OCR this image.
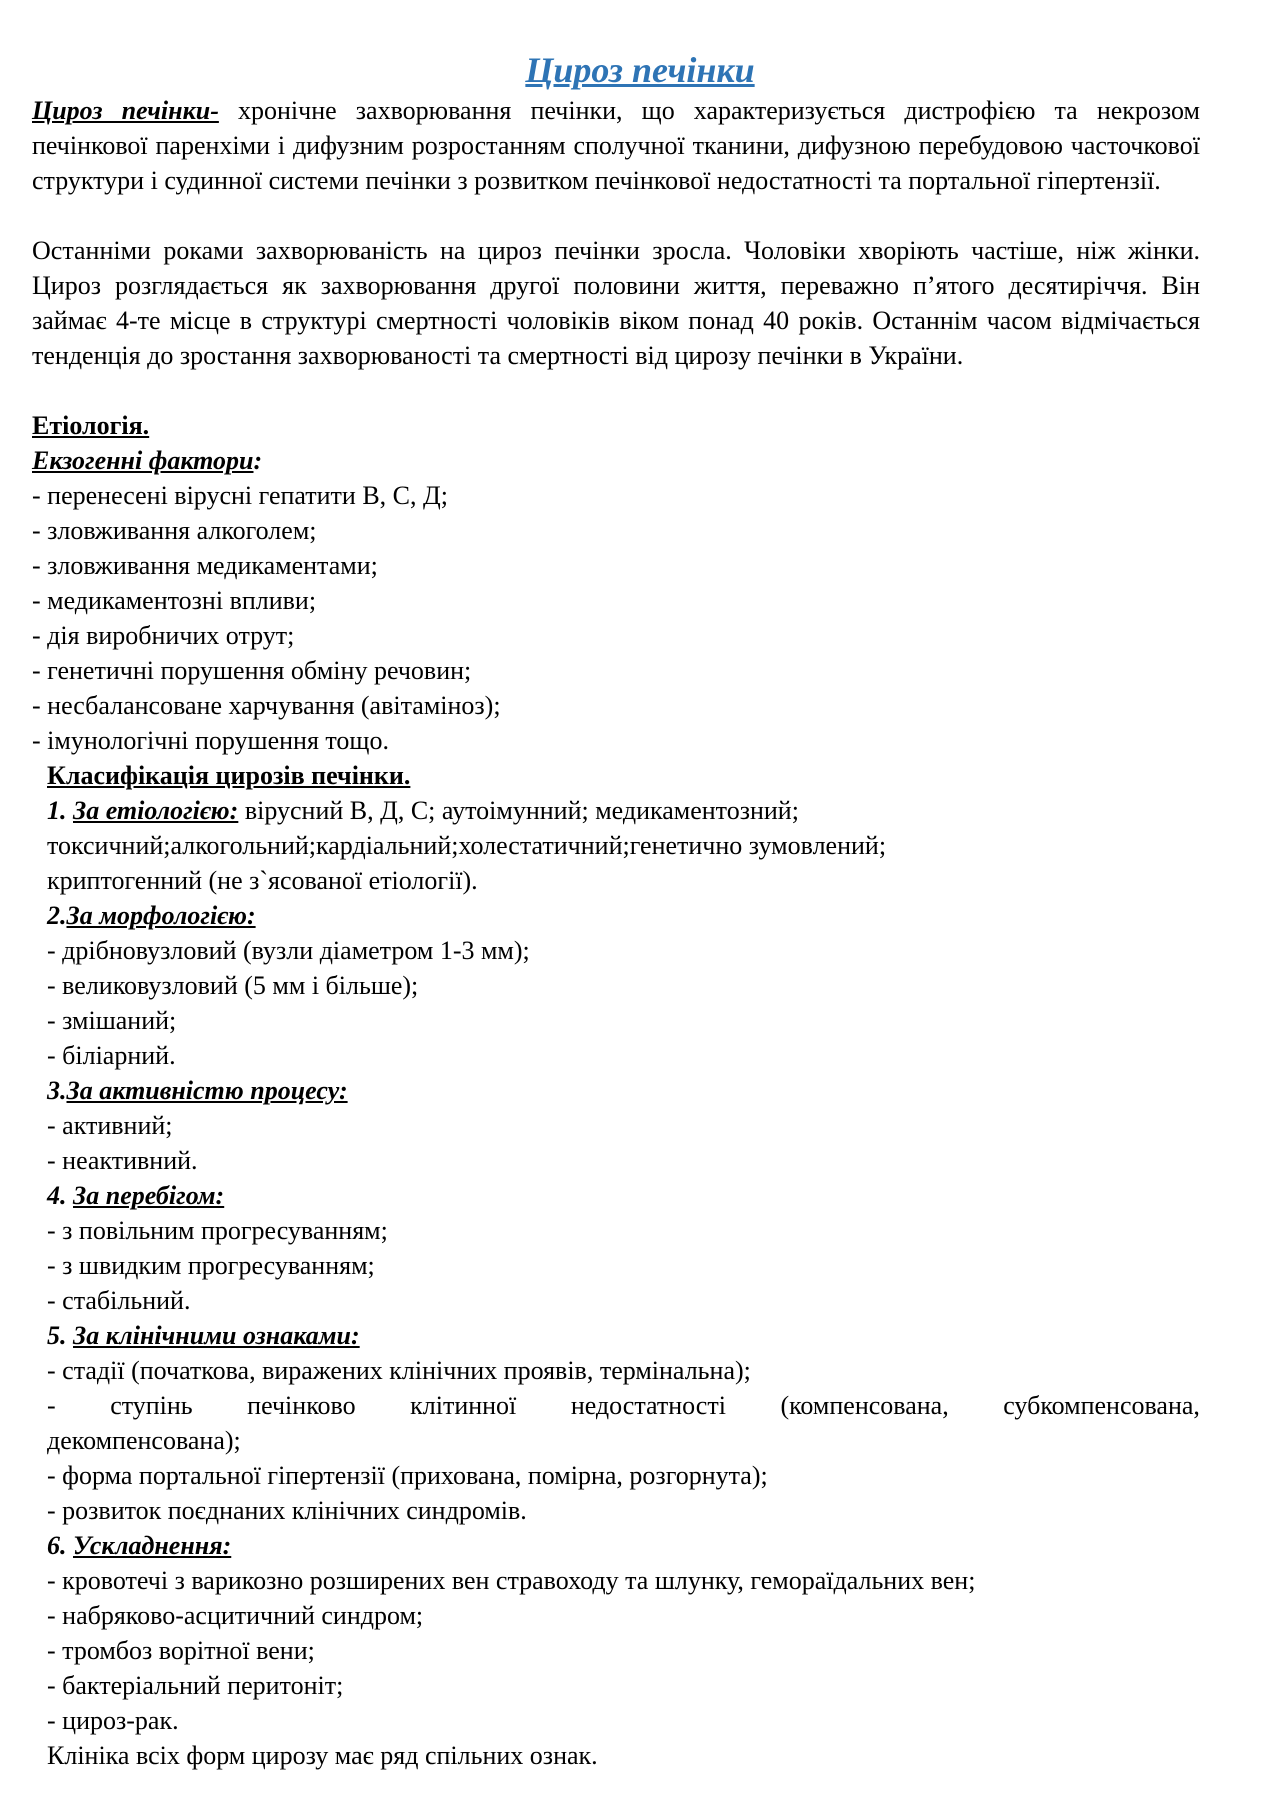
Цироз печінки
Цироз печінки- хронічне захворювання печінки, що характеризується дистрофією та некрозом печінкової паренхіми і дифузним розростанням сполучної тканини, дифузною перебудовою часточкової структури і судинної системи печінки з розвитком печінкової недостатності та портальної гіпертензії.
Останніми роками захворюваність на цироз печінки зросла. Чоловіки хворіють частіше, ніж жінки. Цироз розглядається як захворювання другої половини життя, переважно п’ятого десятиріччя. Він займає 4-те місце в структурі смертності чоловіків віком понад 40 років. Останнім часом відмічається тенденція до зростання захворюваності та смертності від цирозу печінки в України.
Етіологія.
Екзогенні фактори:
- перенесені вірусні гепатити В, С, Д;
- зловживання алкоголем;
- зловживання медикаментами;
- медикаментозні впливи;
- дія виробничих отрут;
- генетичні порушення обміну речовин;
- несбалансоване харчування (авітаміноз);
- імунологічні порушення тощо.
Класифікація цирозів печінки.
1. За етіологією: вірусний В, Д, С; аутоімунний; медикаментозний;
токсичний;алкогольний;кардіальний;холестатичний;генетично зумовлений;
криптогенний (не з`ясованої етіології).
2.За морфологією:
- дрібновузловий (вузли діаметром 1-3 мм);
- великовузловий (5 мм і більше);
- змішаний;
- біліарний.
3.За активністю процесу:
- активний;
- неактивний.
4. За перебігом:
- з повільним прогресуванням;
- з швидким прогресуванням;
- стабільний.
5. За клінічними ознаками:
- стадії (початкова, виражених клінічних проявів, термінальна);
- ступінь печінково клітинної недостатності (компенсована, субкомпенсована,
декомпенсована);
- форма портальної гіпертензії (прихована, помірна, розгорнута);
- розвиток поєднаних клінічних синдромів.
6. Ускладнення:
- кровотечі з варикозно розширених вен стравоходу та шлунку, гемораїдальних вен;
- набряково-асцитичний синдром;
- тромбоз ворітної вени;
- бактеріальний перитоніт;
- цироз-рак.
Клініка всіх форм цирозу має ряд спільних ознак.
